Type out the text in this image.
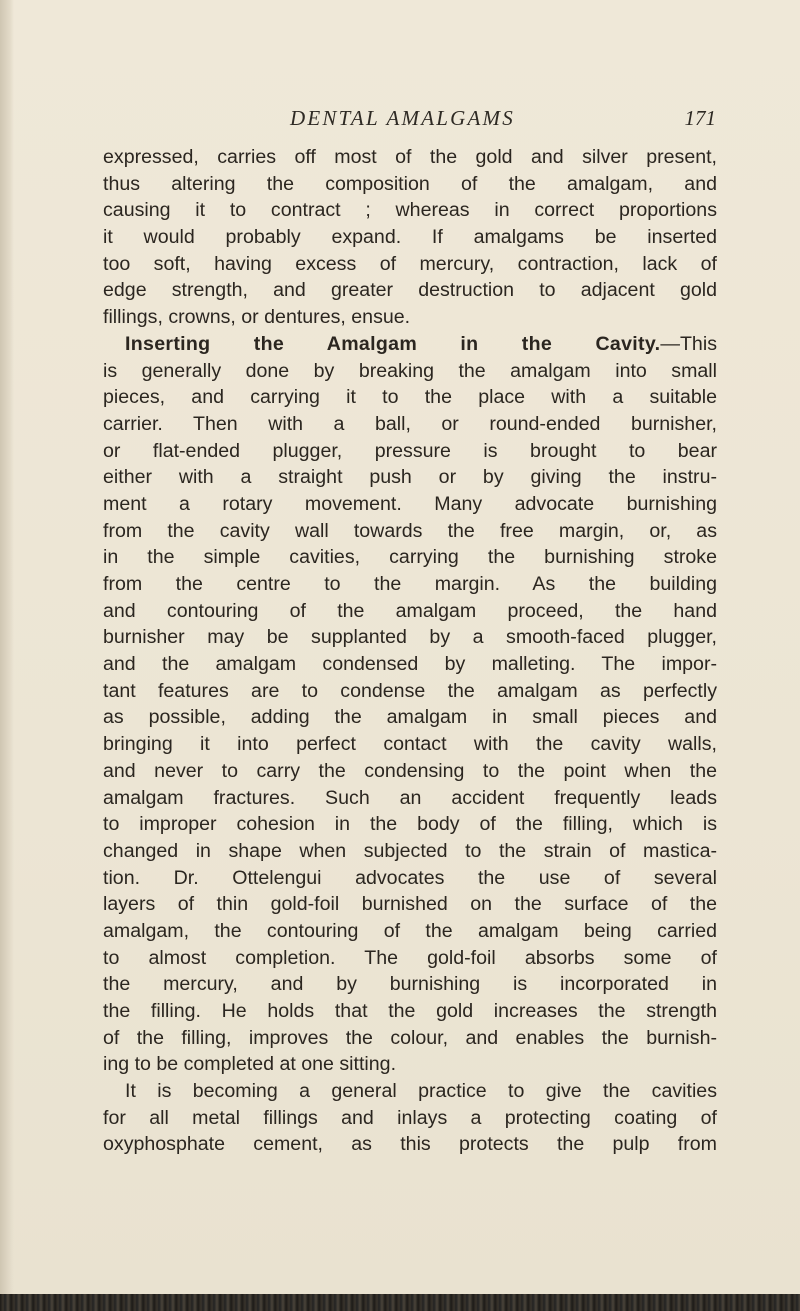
DENTAL AMALGAMS	171
expressed, carries off most of the gold and silver present,
thus altering the composition of the amalgam, and
causing it to contract ; whereas in correct proportions
it would probably expand. If amalgams be inserted
too soft, having excess of mercury, contraction, lack of
edge strength, and greater destruction to adjacent gold
fillings, crowns, or dentures, ensue.
Inserting the Amalgam in the Cavity.—This
is generally done by breaking the amalgam into small
pieces, and carrying it to the place with a suitable
carrier. Then with a ball, or round-ended burnisher,
or flat-ended plugger, pressure is brought to bear
either with a straight push or by giving the instru-
ment a rotary movement. Many advocate burnishing
from the cavity wall towards the free margin, or, as
in the simple cavities, carrying the burnishing stroke
from the centre to the margin. As the building
and contouring of the amalgam proceed, the hand
burnisher may be supplanted by a smooth-faced plugger,
and the amalgam condensed by malleting. The impor-
tant features are to condense the amalgam as perfectly
as possible, adding the amalgam in small pieces and
bringing it into perfect contact with the cavity walls,
and never to carry the condensing to the point when the
amalgam fractures. Such an accident frequently leads
to improper cohesion in the body of the filling, which is
changed in shape when subjected to the strain of mastica-
tion. Dr. Ottelengui advocates the use of several
layers of thin gold-foil burnished on the surface of the
amalgam, the contouring of the amalgam being carried
to almost completion. The gold-foil absorbs some of
the mercury, and by burnishing is incorporated in
the filling. He holds that the gold increases the strength
of the filling, improves the colour, and enables the burnish-
ing to be completed at one sitting.
It is becoming a general practice to give the cavities
for all metal fillings and inlays a protecting coating of
oxyphosphate cement, as this protects the pulp from
